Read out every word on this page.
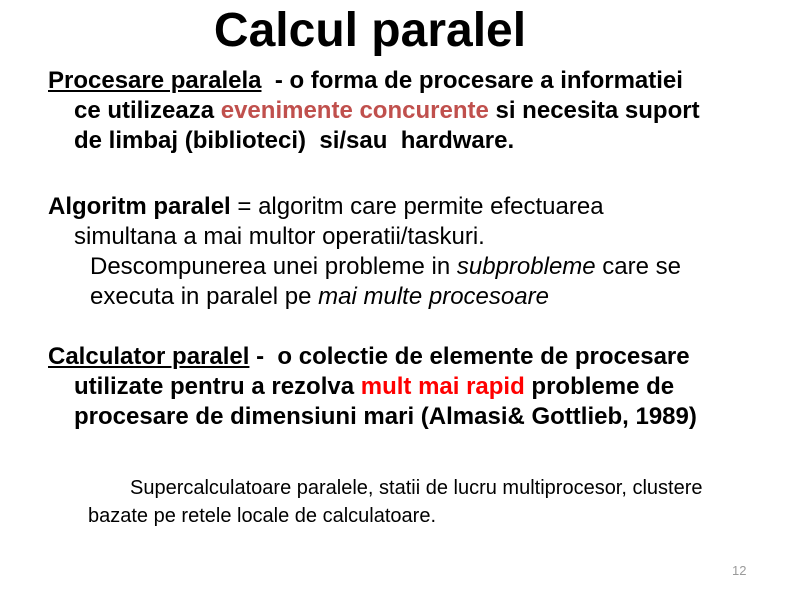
Calcul paralel
Procesare paralela  - o forma de procesare a informatiei
ce utilizeaza evenimente concurente si necesita suport
de limbaj (biblioteci)  si/sau  hardware.
Algoritm paralel = algoritm care permite efectuarea
simultana a mai multor operatii/taskuri.
Descompunerea unei probleme in subprobleme care se
executa in paralel pe mai multe procesoare
Calculator paralel -  o colectie de elemente de procesare
utilizate pentru a rezolva mult mai rapid probleme de
procesare de dimensiuni mari (Almasi& Gottlieb, 1989)
Supercalculatoare paralele, statii de lucru multiprocesor, clustere
bazate pe retele locale de calculatoare.
12
